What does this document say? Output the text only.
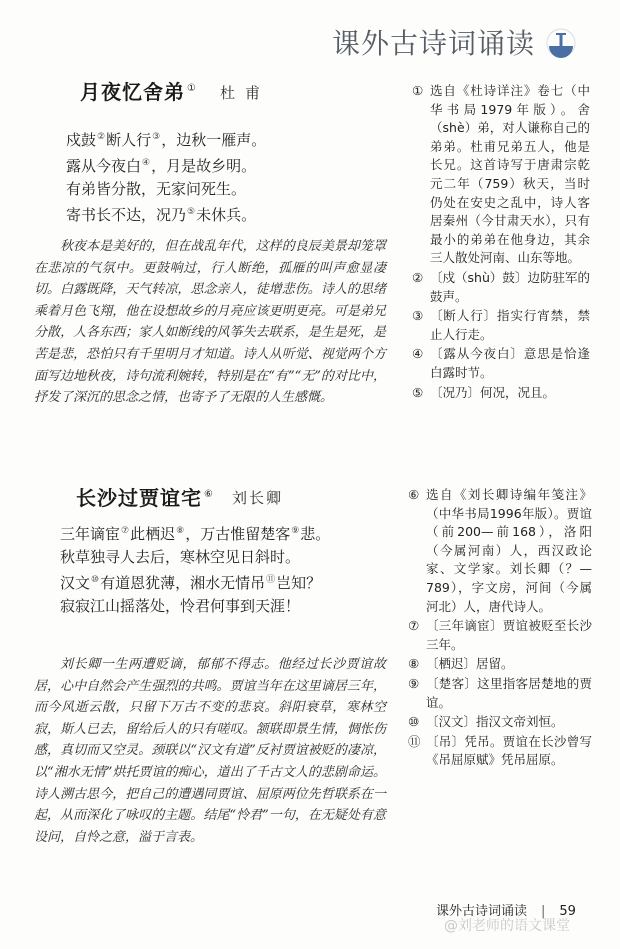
课外古诗词诵读
月夜忆舍弟 ① 杜甫
戍鼓②断人行③，边秋一雁声。
露从今夜白④，月是故乡明。
有弟皆分散，无家问死生。
寄书长不达，况乃⑤未休兵。
秋夜本是美好的，但在战乱年代，这样的良辰美景却笼罩在悲凉的气氛中。更鼓响过，行人断绝，孤雁的叫声愈显凄切。白露既降，天气转凉，思念亲人，徒增悲伤。诗人的思绪乘着月色飞翔，他在设想故乡的月亮应该更明更亮。可是弟兄分散，人各东西；家人如断线的风筝失去联系，是生是死，是苦是悲，恐怕只有千里明月才知道。诗人从听觉、视觉两个方面写边地秋夜，诗句流利婉转，特别是在“有”“无”的对比中，抒发了深沉的思念之情，也寄予了无限的人生感慨。
① 选自《杜诗详注》卷七（中华书局1979年版）。舍（shè）弟，对人谦称自己的弟弟。杜甫兄弟五人，他是长兄。这首诗写于唐肃宗乾元二年（759）秋天，当时仍处在安史之乱中，诗人客居秦州（今甘肃天水），只有最小的弟弟在他身边，其余三人散处河南、山东等地。
② 〔戍（shù）鼓〕边防驻军的鼓声。
③ 〔断人行〕指实行宵禁，禁止人行走。
④ 〔露从今夜白〕意思是恰逢白露时节。
⑤ 〔况乃〕何况，况且。
长沙过贾谊宅 ⑥ 刘长卿
三年谪宦⑦此栖迟⑧，万古惟留楚客⑨悲。
秋草独寻人去后，寒林空见日斜时。
汉文⑩有道恩犹薄，湘水无情吊⑪岂知？
寂寂江山摇落处，怜君何事到天涯！
刘长卿一生两遭贬谪，郁郁不得志。他经过长沙贾谊故居，心中自然会产生强烈的共鸣。贾谊当年在这里谪居三年，而今风逝云散，只留下万古不变的悲哀。斜阳衰草，寒林空寂，斯人已去，留给后人的只有嗟叹。颔联即景生情，惆怅伤感，真切而又空灵。颈联以“汉文有道”反衬贾谊被贬的凄凉，以“湘水无情”烘托贾谊的痴心，道出了千古文人的悲剧命运。诗人溯古思今，把自己的遭遇同贾谊、屈原两位先哲联系在一起，从而深化了咏叹的主题。结尾“怜君”一句，在无疑处有意设问，自怜之意，溢于言表。
⑥ 选自《刘长卿诗编年笺注》（中华书局1996年版）。贾谊（前200—前168），洛阳（今属河南）人，西汉政论家、文学家。刘长卿（？—789），字文房，河间（今属河北）人，唐代诗人。
⑦ 〔三年谪宦〕贾谊被贬至长沙三年。
⑧ 〔栖迟〕居留。
⑨ 〔楚客〕这里指客居楚地的贾谊。
⑩ 〔汉文〕指汉文帝刘恒。
⑪ 〔吊〕凭吊。贾谊在长沙曾写《吊屈原赋》凭吊屈原。
课外古诗词诵读 | 59
@刘老师的语文课堂
